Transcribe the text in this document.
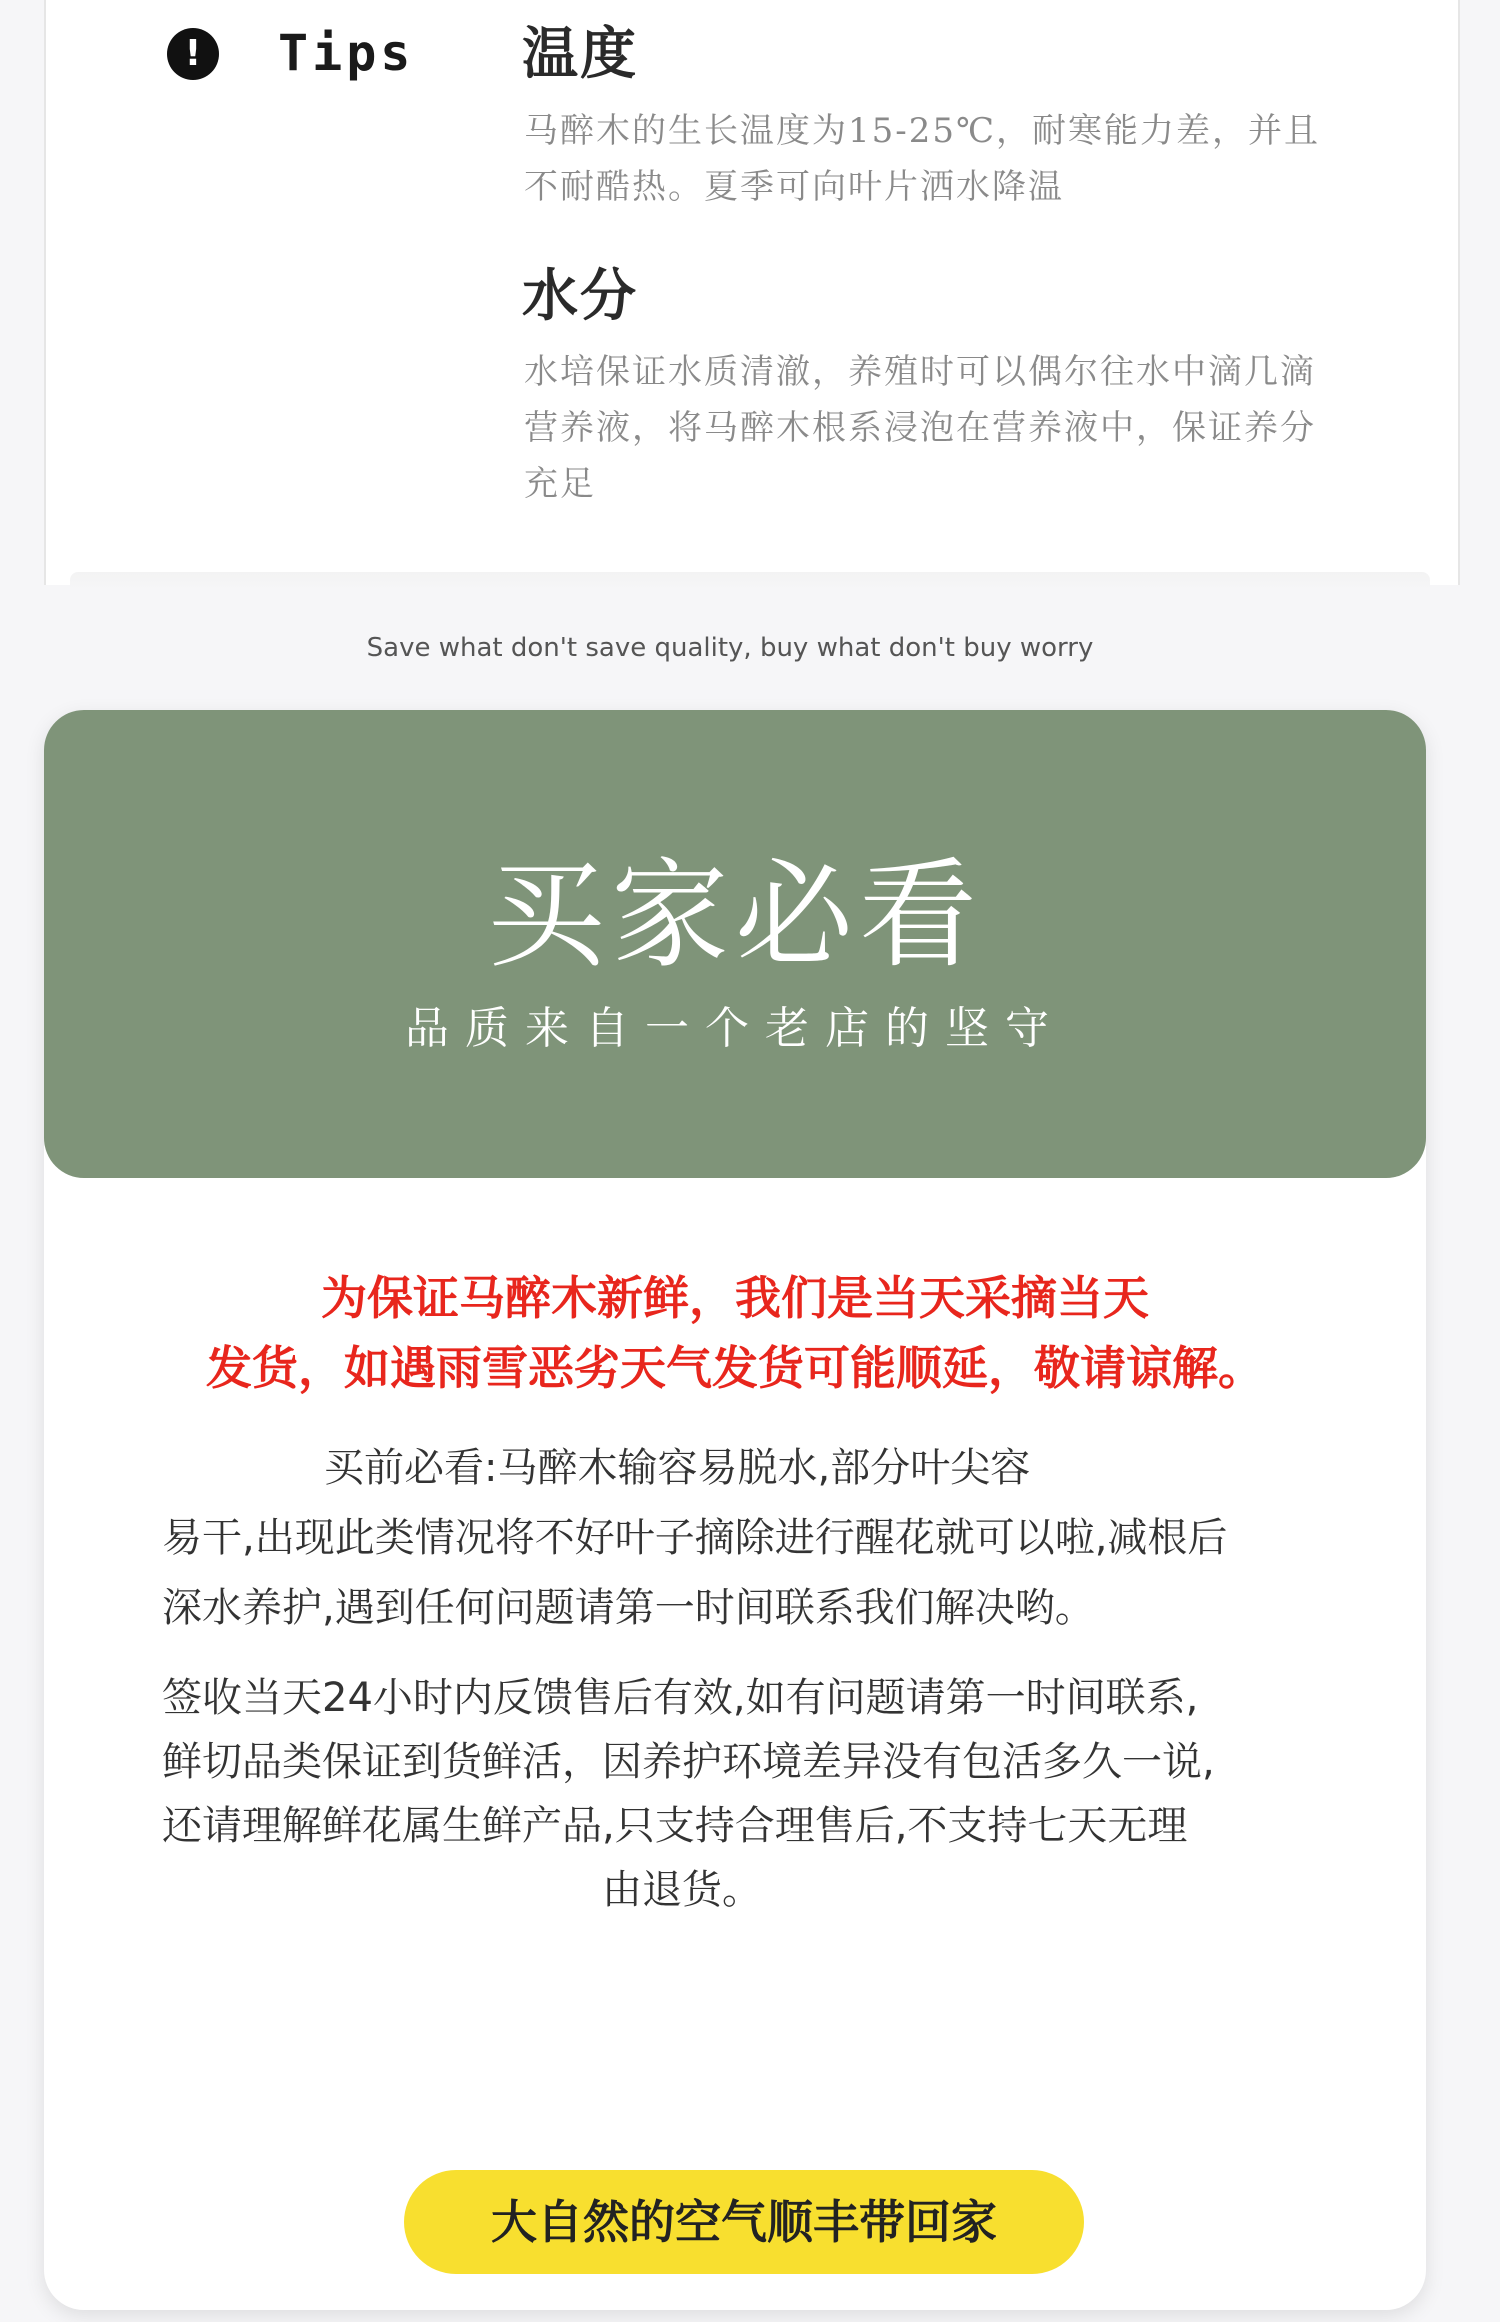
!	Tips 温度
马醉木的生长温度为15-25℃，耐寒能力差，并且
不耐酷热。夏季可向叶片洒水降温
水分
水培保证水质清澈，养殖时可以偶尔往水中滴几滴
营养液，将马醉木根系浸泡在营养液中，保证养分
充足
Save what don't save quality, buy what don't buy worry
买家必看
品质来自一个老店的坚守
为保证马醉木新鲜，我们是当天采摘当天
发货，如遇雨雪恶劣天气发货可能顺延，敬请谅解。
买前必看:马醉木输容易脱水,部分叶尖容
易干,出现此类情况将不好叶子摘除进行醒花就可以啦,减根后
深水养护,遇到任何问题请第一时间联系我们解决哟。
签收当天24小时内反馈售后有效,如有问题请第一时间联系,
鲜切品类保证到货鲜活，因养护环境差异没有包活多久一说,
还请理解鲜花属生鲜产品,只支持合理售后,不支持七天无理
由退货。
大自然的空气顺丰带回家
